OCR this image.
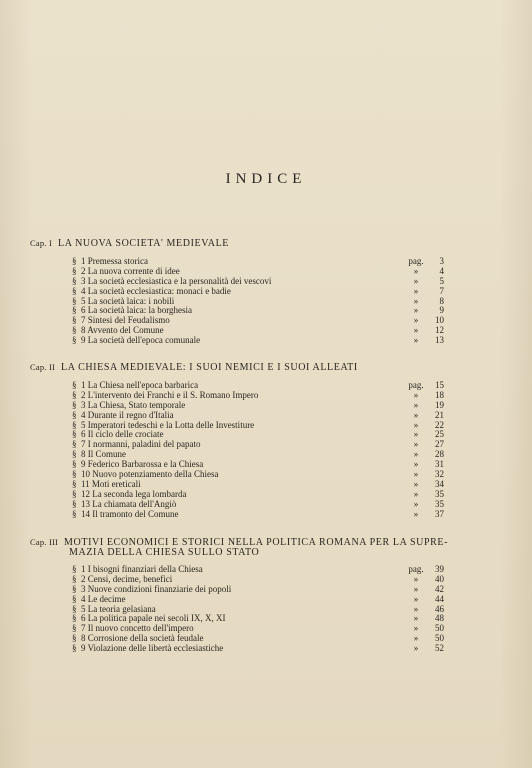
INDICE
Cap. I LA NUOVA SOCIETA' MEDIEVALE
§ 1 Premessa storica	pag.	3
§ 2 La nuova corrente di idee	»	4
§ 3 La società ecclesiastica e la personalità dei vescovi	»	5
§ 4 La società ecclesiastica: monaci e badie	»	7
§ 5 La società laica: i nobili	»	8
§ 6 La società laica: la borghesia	»	9
§ 7 Sintesi del Feudalismo	»	10
§ 8 Avvento del Comune	»	12
§ 9 La società dell'epoca comunale	»	13
Cap. II LA CHIESA MEDIEVALE: I SUOI NEMICI E I SUOI ALLEATI
§ 1 La Chiesa nell'epoca barbarica	pag.	15
§ 2 L'intervento dei Franchi e il S. Romano Impero	»	18
§ 3 La Chiesa, Stato temporale	»	19
§ 4 Durante il regno d'Italia	»	21
§ 5 Imperatori tedeschi e la Lotta delle Investiture	»	22
§ 6 Il ciclo delle crociate	»	25
§ 7 I normanni, paladini del papato	»	27
§ 8 Il Comune	»	28
§ 9 Federico Barbarossa e la Chiesa	»	31
§ 10 Nuovo potenziamento della Chiesa	»	32
§ 11 Moti ereticali	»	34
§ 12 La seconda lega lombarda	»	35
§ 13 La chiamata dell'Angiò	»	35
§ 14 Il tramonto del Comune	»	37
Cap. III MOTIVI ECONOMICI E STORICI NELLA POLITICA ROMANA PER LA SUPRE-
MAZIA DELLA CHIESA SULLO STATO
§ 1 I bisogni finanziari della Chiesa	pag.	39
§ 2 Censi, decime, benefici	»	40
§ 3 Nuove condizioni finanziarie dei popoli	»	42
§ 4 Le decime	»	44
§ 5 La teoria gelasiana	»	46
§ 6 La politica papale nei secoli IX, X, XI	»	48
§ 7 Il nuovo concetto dell'impero	»	50
§ 8 Corrosione della società feudale	»	50
§ 9 Violazione delle libertà ecclesiastiche	»	52
